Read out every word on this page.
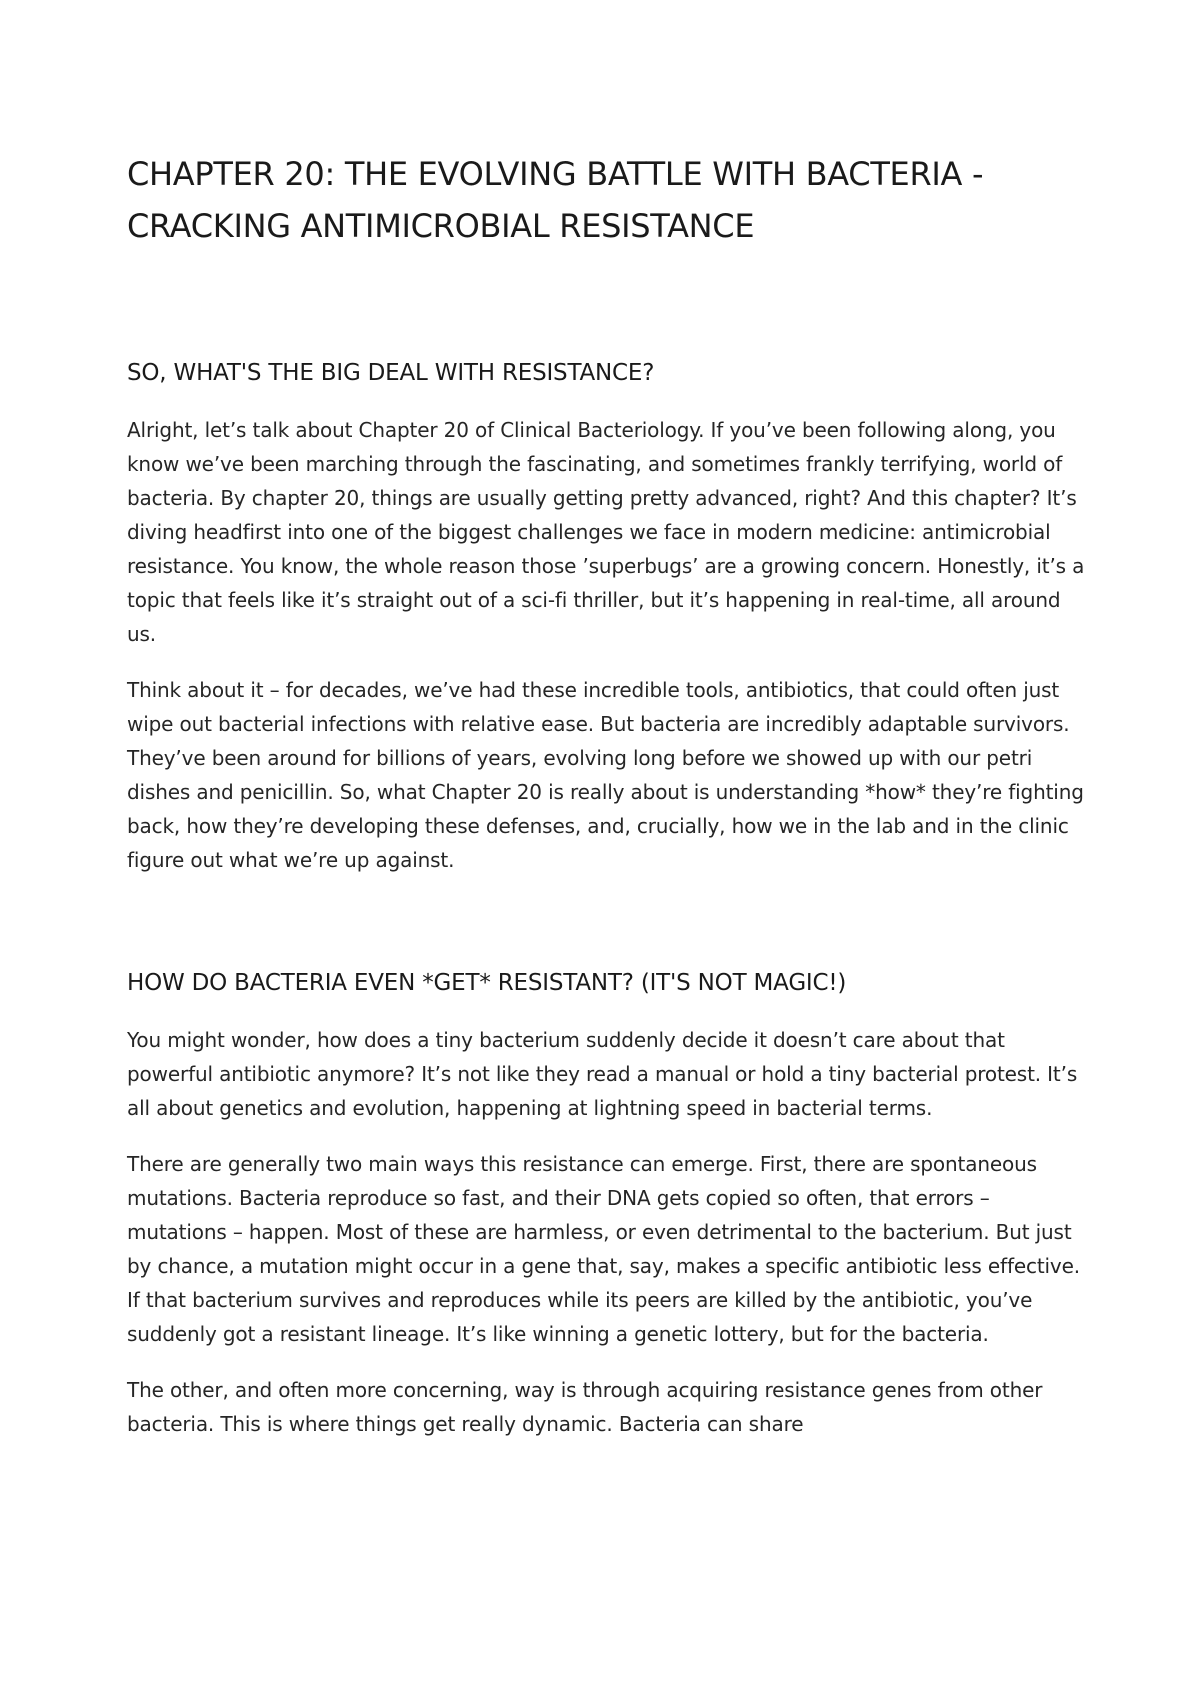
CHAPTER 20: THE EVOLVING BATTLE WITH BACTERIA - CRACKING ANTIMICROBIAL RESISTANCE
SO, WHAT'S THE BIG DEAL WITH RESISTANCE?

Alright, let’s talk about Chapter 20 of Clinical Bacteriology. If you’ve been following along, you know we’ve been marching through the fascinating, and sometimes frankly terrifying, world of bacteria. By chapter 20, things are usually getting pretty advanced, right? And this chapter? It’s diving headfirst into one of the biggest challenges we face in modern medicine: antimicrobial resistance. You know, the whole reason those ’superbugs’ are a growing concern. Honestly, it’s a topic that feels like it’s straight out of a sci-fi thriller, but it’s happening in real-time, all around us.

Think about it – for decades, we’ve had these incredible tools, antibiotics, that could often just wipe out bacterial infections with relative ease. But bacteria are incredibly adaptable survivors. They’ve been around for billions of years, evolving long before we showed up with our petri dishes and penicillin. So, what Chapter 20 is really about is understanding *how* they’re fighting back, how they’re developing these defenses, and, crucially, how we in the lab and in the clinic figure out what we’re up against.

HOW DO BACTERIA EVEN *GET* RESISTANT? (IT'S NOT MAGIC!)

You might wonder, how does a tiny bacterium suddenly decide it doesn’t care about that powerful antibiotic anymore? It’s not like they read a manual or hold a tiny bacterial protest. It’s all about genetics and evolution, happening at lightning speed in bacterial terms.

There are generally two main ways this resistance can emerge. First, there are spontaneous mutations. Bacteria reproduce so fast, and their DNA gets copied so often, that errors – mutations – happen. Most of these are harmless, or even detrimental to the bacterium. But just by chance, a mutation might occur in a gene that, say, makes a specific antibiotic less effective. If that bacterium survives and reproduces while its peers are killed by the antibiotic, you’ve suddenly got a resistant lineage. It’s like winning a genetic lottery, but for the bacteria.

The other, and often more concerning, way is through acquiring resistance genes from other bacteria. This is where things get really dynamic. Bacteria can share
